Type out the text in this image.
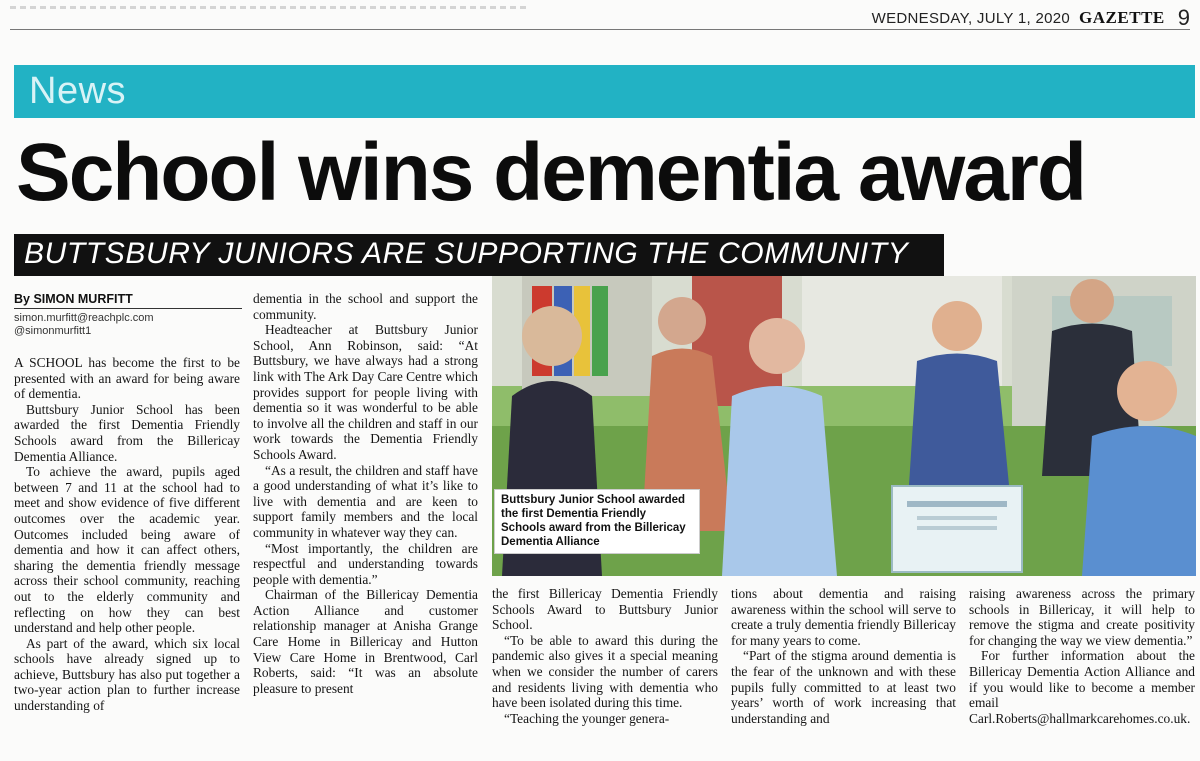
WEDNESDAY, JULY 1, 2020 GAZETTE 9
News
School wins dementia award
BUTTSBURY JUNIORS ARE SUPPORTING THE COMMUNITY
By SIMON MURFITT
simon.murfitt@reachplc.com
@simonmurfitt1

A SCHOOL has become the first to be presented with an award for being aware of dementia.

Buttsbury Junior School has been awarded the first Dementia Friendly Schools award from the Billericay Dementia Alliance.

To achieve the award, pupils aged between 7 and 11 at the school had to meet and show evidence of five different outcomes over the academic year. Outcomes included being aware of dementia and how it can affect others, sharing the dementia friendly message across their school community, reaching out to the elderly community and reflecting on how they can best understand and help other people.

As part of the award, which six local schools have already signed up to achieve, Buttsbury has also put together a two-year action plan to further increase understanding of

dementia in the school and support the community.

Headteacher at Buttsbury Junior School, Ann Robinson, said: “At Buttsbury, we have always had a strong link with The Ark Day Care Centre which provides support for people living with dementia so it was wonderful to be able to involve all the children and staff in our work towards the Dementia Friendly Schools Award.

“As a result, the children and staff have a good understanding of what it’s like to live with dementia and are keen to support family members and the local community in whatever way they can.

“Most importantly, the children are respectful and understanding towards people with dementia.”

Chairman of the Billericay Dementia Action Alliance and customer relationship manager at Anisha Grange Care Home in Billericay and Hutton View Care Home in Brentwood, Carl Roberts, said: “It was an absolute pleasure to present

Buttsbury Junior School awarded the first Dementia Friendly Schools award from the Billericay Dementia Alliance

the first Billericay Dementia Friendly Schools Award to Buttsbury Junior School.

“To be able to award this during the pandemic also gives it a special meaning when we consider the number of carers and residents living with dementia who have been isolated during this time.

“Teaching the younger genera-

tions about dementia and raising awareness within the school will serve to create a truly dementia friendly Billericay for many years to come.

“Part of the stigma around dementia is the fear of the unknown and with these pupils fully committed to at least two years’ worth of work increasing that understanding and

raising awareness across the primary schools in Billericay, it will help to remove the stigma and create positivity for changing the way we view dementia.”

For further information about the Billericay Dementia Action Alliance and if you would like to become a member email Carl.Roberts@hallmarkcarehomes.co.uk.
